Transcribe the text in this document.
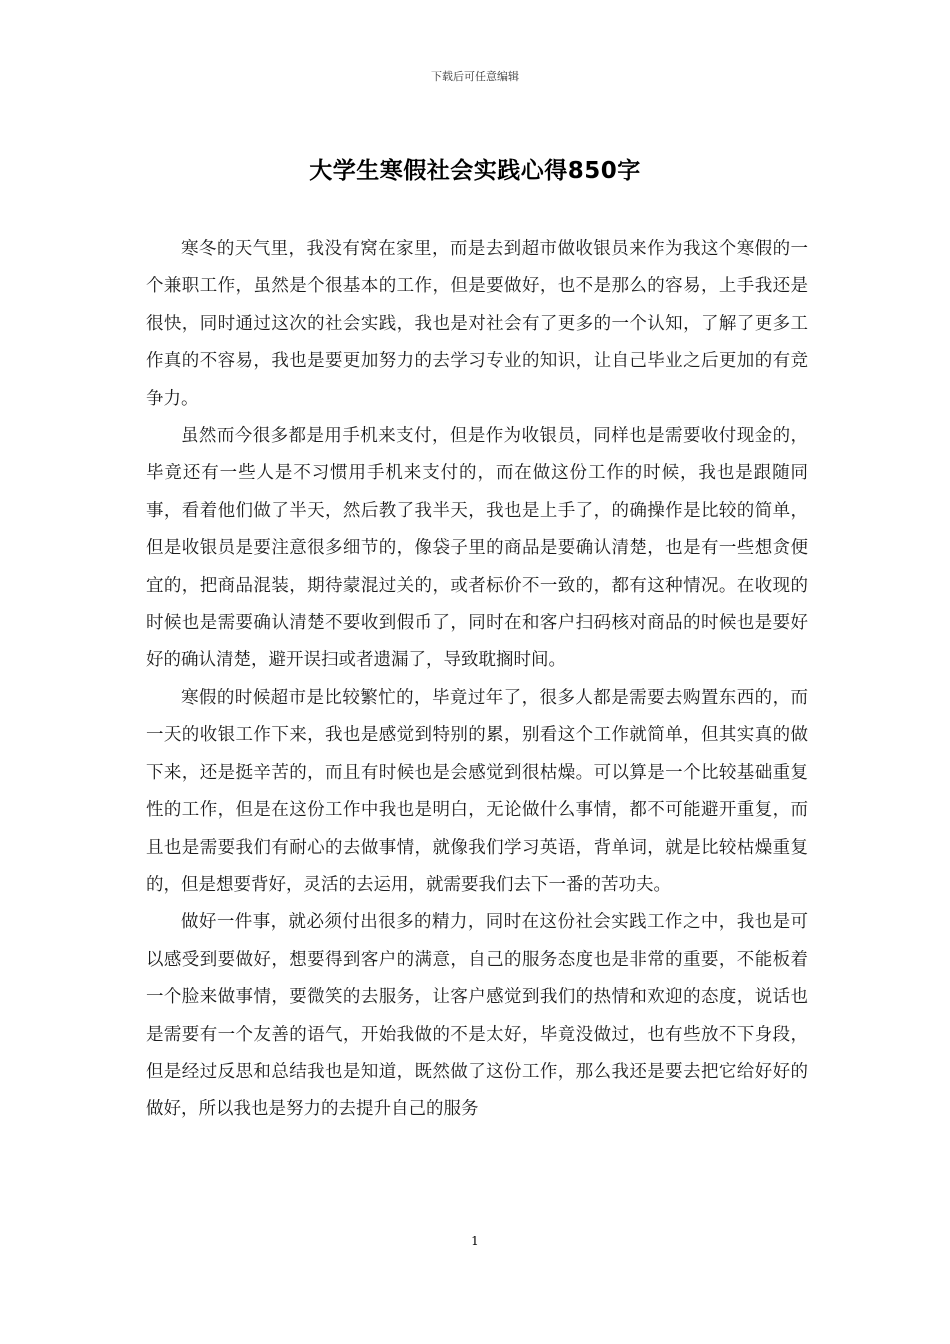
下载后可任意编辑
大学生寒假社会实践心得850字

寒冬的天气里，我没有窝在家里，而是去到超市做收银员来作为我这个寒假的一个兼职工作，虽然是个很基本的工作，但是要做好，也不是那么的容易，上手我还是很快，同时通过这次的社会实践，我也是对社会有了更多的一个认知，了解了更多工作真的不容易，我也是要更加努力的去学习专业的知识，让自己毕业之后更加的有竞争力。

虽然而今很多都是用手机来支付，但是作为收银员，同样也是需要收付现金的，毕竟还有一些人是不习惯用手机来支付的，而在做这份工作的时候，我也是跟随同事，看着他们做了半天，然后教了我半天，我也是上手了，的确操作是比较的简单，但是收银员是要注意很多细节的，像袋子里的商品是要确认清楚，也是有一些想贪便宜的，把商品混装，期待蒙混过关的，或者标价不一致的，都有这种情况。在收现的时候也是需要确认清楚不要收到假币了，同时在和客户扫码核对商品的时候也是要好好的确认清楚，避开误扫或者遗漏了，导致耽搁时间。

寒假的时候超市是比较繁忙的，毕竟过年了，很多人都是需要去购置东西的，而一天的收银工作下来，我也是感觉到特别的累，别看这个工作就简单，但其实真的做下来，还是挺辛苦的，而且有时候也是会感觉到很枯燥。可以算是一个比较基础重复性的工作，但是在这份工作中我也是明白，无论做什么事情，都不可能避开重复，而且也是需要我们有耐心的去做事情，就像我们学习英语，背单词，就是比较枯燥重复的，但是想要背好，灵活的去运用，就需要我们去下一番的苦功夫。

做好一件事，就必须付出很多的精力，同时在这份社会实践工作之中，我也是可以感受到要做好，想要得到客户的满意，自己的服务态度也是非常的重要，不能板着一个脸来做事情，要微笑的去服务，让客户感觉到我们的热情和欢迎的态度，说话也是需要有一个友善的语气，开始我做的不是太好，毕竟没做过，也有些放不下身段，但是经过反思和总结我也是知道，既然做了这份工作，那么我还是要去把它给好好的做好，所以我也是努力的去提升自己的服务

1
